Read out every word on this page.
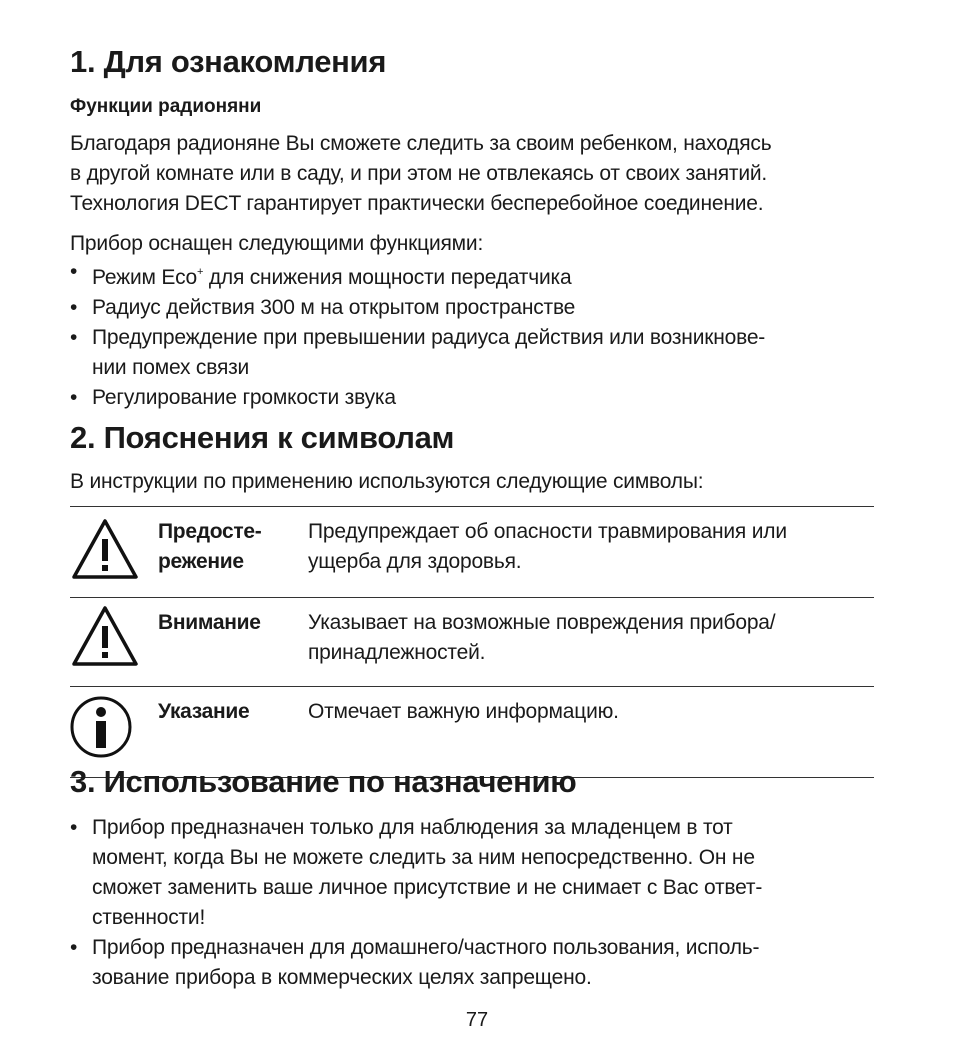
1. Для ознакомления
Функции радионяни

Благодаря радионяне Вы сможете следить за своим ребенком, находясь
в другой комнате или в саду, и при этом не отвлекаясь от своих занятий.
Технология DECT гарантирует практически бесперебойное соединение.

Прибор оснащен следующими функциями:

• Режим Eco+ для снижения мощности передатчика
• Радиус действия 300 м на открытом пространстве
• Предупреждение при превышении радиуса действия или возникнове-
нии помех связи
• Регулирование громкости звука
2. Пояснения к символам

В инструкции по применению используются следующие символы:

	Предосте-
режение	Предупреждает об опасности травмирования или
ущерба для здоровья.

	Внимание	Указывает на возможные повреждения прибора/
принадлежностей.

	Указание	Отмечает важную информацию.
3. Использование по назначению
• Прибор предназначен только для наблюдения за младенцем в тот
момент, когда Вы не можете следить за ним непосредственно. Он не
сможет заменить ваше личное присутствие и не снимает с Вас ответ-
ственности!
• Прибор предназначен для домашнего/частного пользования, исполь-
зование прибора в коммерческих целях запрещено.
77
